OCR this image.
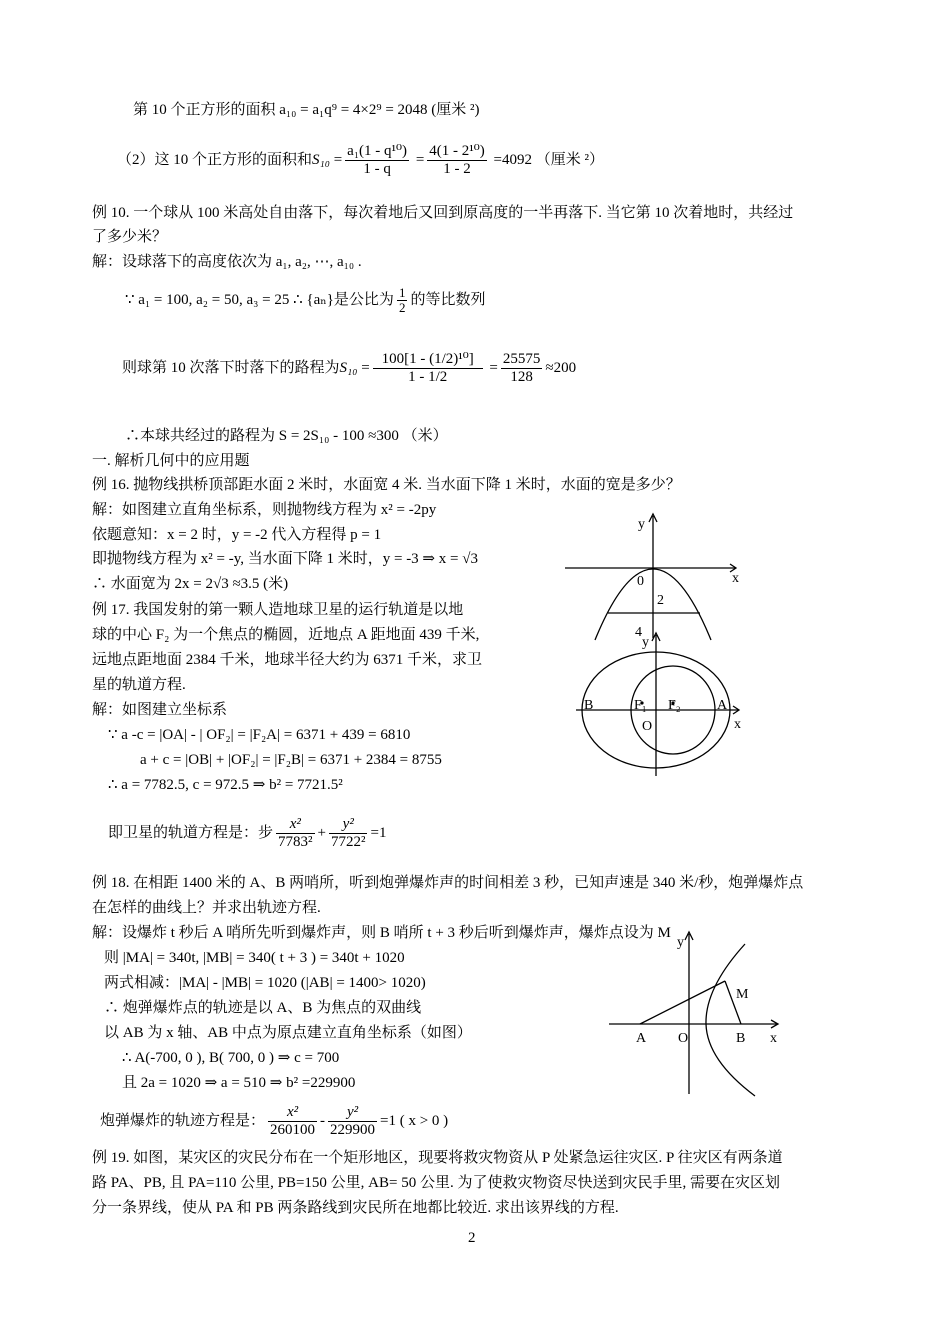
第 10 个正方形的面积 a₁₀ = a₁q⁹ = 4×2⁹ = 2048 (厘米 ²)
（2）这 10 个正方形的面积和$S_{10} = \frac{\text{a₁(1 - q¹⁰)}}{1 - q} = \frac{\text{4(1 - 2¹⁰)}}{1 - 2} =4092$ （厘米 ²）
例 10. 一个球从 100 米高处自由落下，每次着地后又回到原高度的一半再落下. 当它第 10 次着地时，共经过
了多少米？
解：设球落下的高度依次为 a₁, a₂, ⋯, a₁₀ .
∵ a₁ = 100, a₂ = 50, a₃ = 25 ∴ {aₙ}是公比为 $\frac{1}{2}$ 的等比数列
则球第 10 次落下时落下的路程为$S_{10} = \frac{\text{100[1 - (1/2)¹⁰]}}{1 - 1/2} = \frac{25575}{128} \approx 200$
∴本球共经过的路程为 S = 2S₁₀ - 100 ≈300 （米）
一. 解析几何中的应用题
例 16. 抛物线拱桥顶部距水面 2 米时，水面宽 4 米. 当水面下降 1 米时，水面的宽是多少？
解：如图建立直角坐标系，则抛物线方程为 x² = -2py
依题意知：x = 2 时，y = -2 代入方程得 p = 1
即抛物线方程为 x² = -y, 当水面下降 1 米时，y = -3 ⇒ x = √3
∴ 水面宽为 2x = 2√3 ≈3.5 (米)
例 17. 我国发射的第一颗人造地球卫星的运行轨道是以地
球的中心 F₂ 为一个焦点的椭圆，近地点 A 距地面 439 千米,
远地点距地面 2384 千米，地球半径大约为 6371 千米，求卫
星的轨道方程.
解：如图建立坐标系
∵ a -c = |OA| - | OF₂| = |F₂A| = 6371 + 439 = 6810
a + c = |OB| + |OF₂| = |F₂B| = 6371 + 2384 = 8755
∴ a = 7782.5, c = 972.5 ⇒ b² = 7721.5²
即卫星的轨道方程是：步 $\frac{\text{x²}}{\text{7783²}} + \frac{\text{y²}}{\text{7722²}} =1$
例 18. 在相距 1400 米的 A、B 两哨所，听到炮弹爆炸声的时间相差 3 秒，已知声速是 340 米/秒，炮弹爆炸点
在怎样的曲线上？并求出轨迹方程.
解：设爆炸 t 秒后 A 哨所先听到爆炸声，则 B 哨所 t + 3 秒后听到爆炸声，爆炸点设为 M
则 |MA| = 340t, |MB| = 340( t + 3 ) = 340t + 1020
两式相减：|MA| - |MB| = 1020 (|AB| = 1400> 1020)
∴ 炮弹爆炸点的轨迹是以 A、B 为焦点的双曲线
以 AB 为 x 轴、AB 中点为原点建立直角坐标系（如图）
∴ A(-700, 0 ), B( 700, 0 ) ⇒ c = 700
且 2a = 1020 ⇒ a = 510 ⇒ b² =229900
炮弹爆炸的轨迹方程是： $\frac{\text{x²}}{260100} - \frac{\text{y²}}{229900} =1$ ( x > 0 )
例 19. 如图，某灾区的灾民分布在一个矩形地区，现要将救灾物资从 P 处紧急运往灾区. P 往灾区有两条道
路 PA、PB, 且 PA=110 公里, PB=150 公里, AB= 50 公里. 为了使救灾物资尽快送到灾民手里, 需要在灾区划
分一条界线，使从 PA 和 PB 两条路线到灾民所在地都比较近. 求出该界线的方程.
2
y
x
0
2
4
y
x
O
B	A
F₁ F₂
y
x
O
A	B
M
